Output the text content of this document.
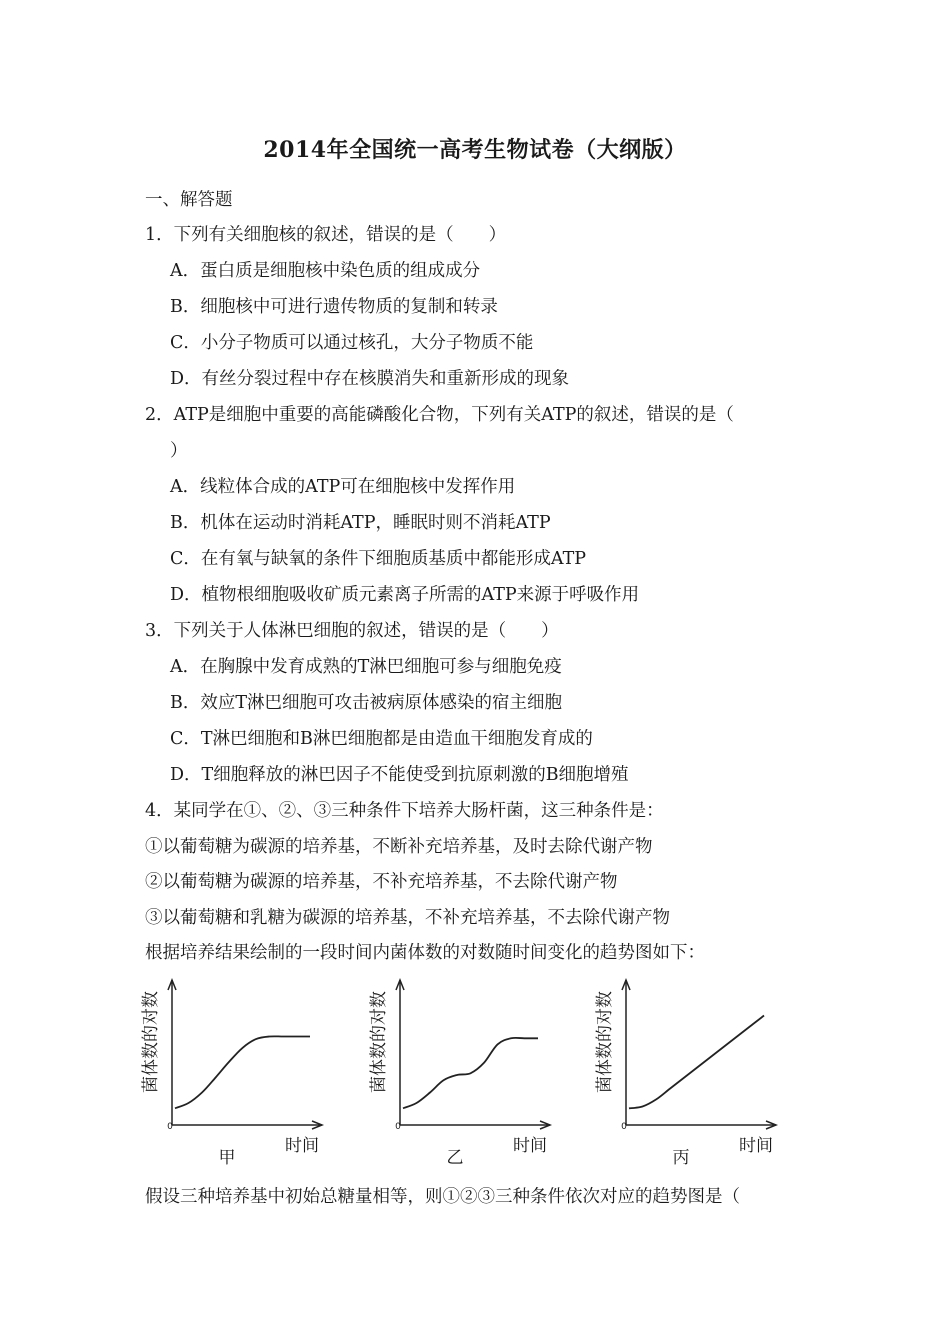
2014年全国统一高考生物试卷（大纲版）
一、解答题
1．下列有关细胞核的叙述，错误的是（　　）
A．蛋白质是细胞核中染色质的组成成分
B．细胞核中可进行遗传物质的复制和转录
C．小分子物质可以通过核孔，大分子物质不能
D．有丝分裂过程中存在核膜消失和重新形成的现象
2．ATP是细胞中重要的高能磷酸化合物，下列有关ATP的叙述，错误的是（
）
A．线粒体合成的ATP可在细胞核中发挥作用
B．机体在运动时消耗ATP，睡眠时则不消耗ATP
C．在有氧与缺氧的条件下细胞质基质中都能形成ATP
D．植物根细胞吸收矿质元素离子所需的ATP来源于呼吸作用
3．下列关于人体淋巴细胞的叙述，错误的是（　　）
A．在胸腺中发育成熟的T淋巴细胞可参与细胞免疫
B．效应T淋巴细胞可攻击被病原体感染的宿主细胞
C．T淋巴细胞和B淋巴细胞都是由造血干细胞发育成的
D．T细胞释放的淋巴因子不能使受到抗原刺激的B细胞增殖
4．某同学在①、②、③三种条件下培养大肠杆菌，这三种条件是：
①以葡萄糖为碳源的培养基，不断补充培养基，及时去除代谢产物
②以葡萄糖为碳源的培养基，不补充培养基，不去除代谢产物
③以葡萄糖和乳糖为碳源的培养基，不补充培养基，不去除代谢产物
根据培养结果绘制的一段时间内菌体数的对数随时间变化的趋势图如下：
0
菌体数的对数
时间
甲
0
菌体数的对数
时间
乙
0
菌体数的对数
时间
丙
假设三种培养基中初始总糖量相等，则①②③三种条件依次对应的趋势图是（
